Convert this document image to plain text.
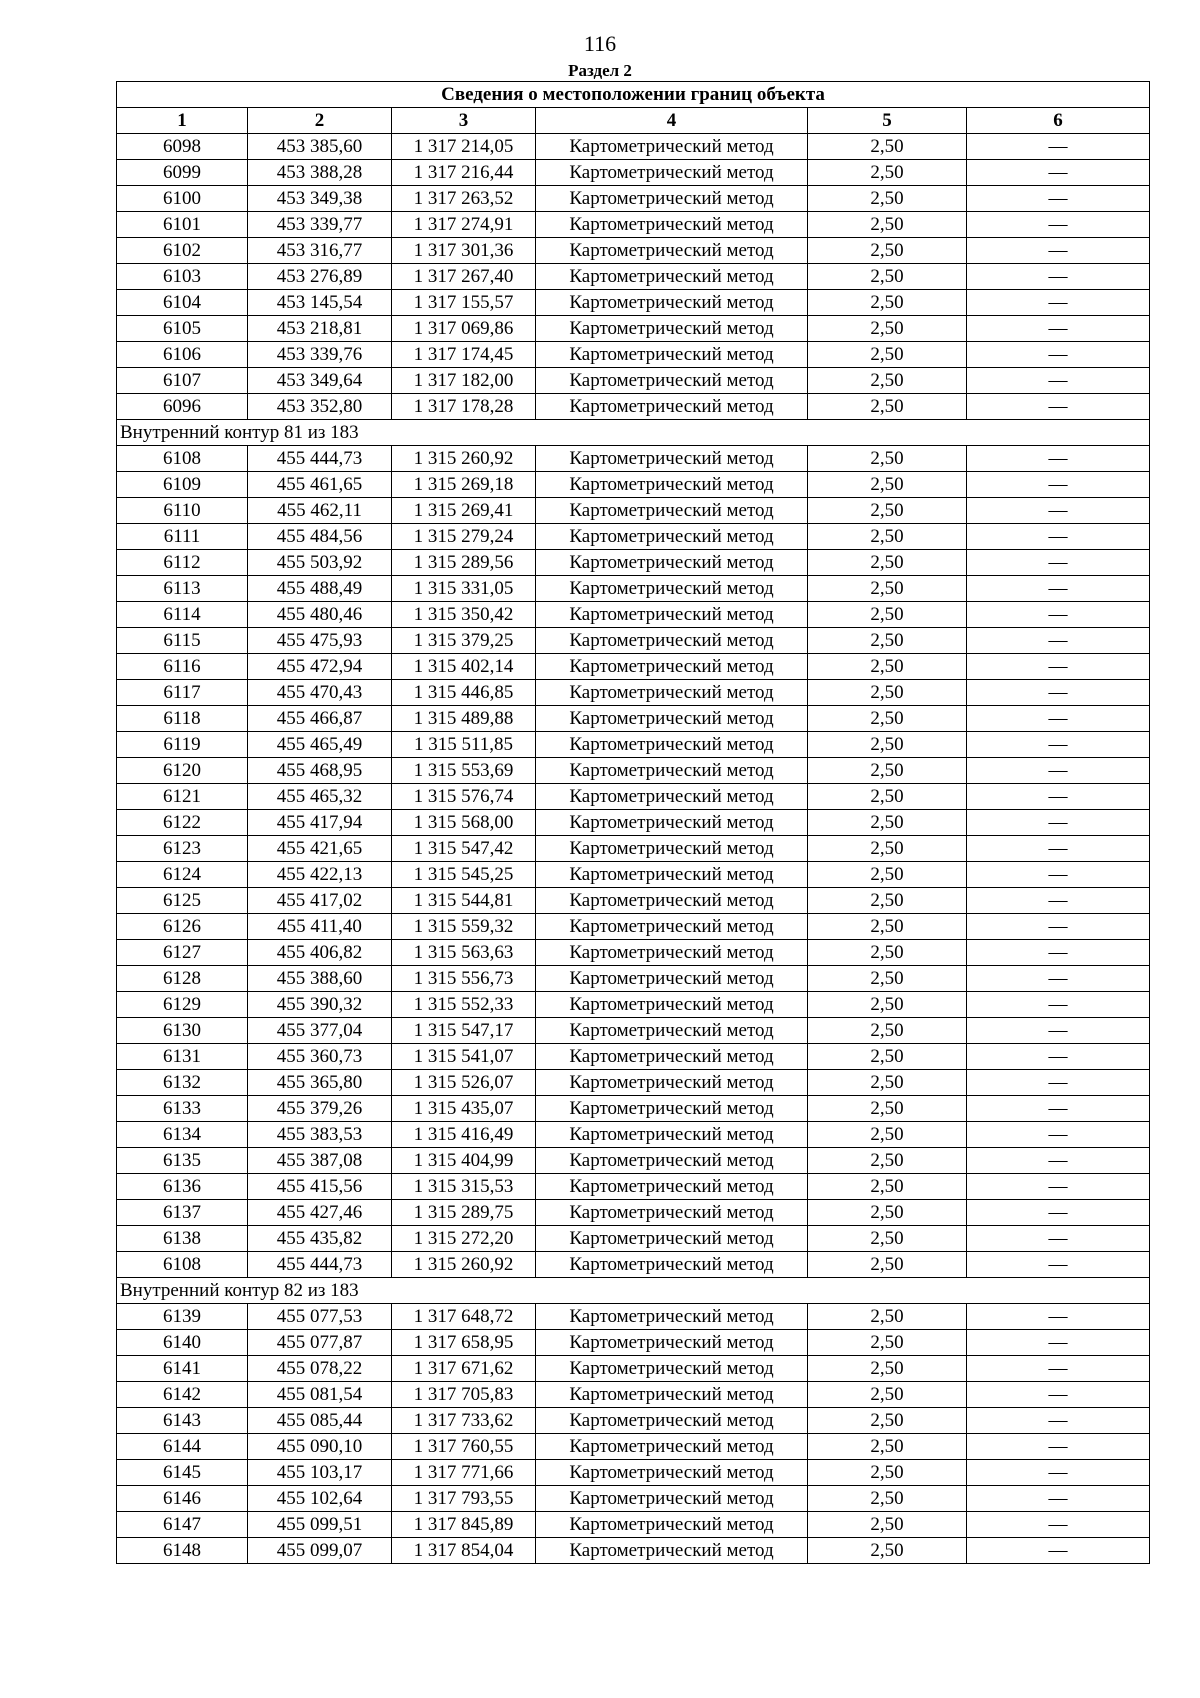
116
Раздел 2
Сведения о местоположении границ объекта					
1	2	3	4	5	6
6098	453 385,60	1 317 214,05	Картометрический метод	2,50	—
6099	453 388,28	1 317 216,44	Картометрический метод	2,50	—
6100	453 349,38	1 317 263,52	Картометрический метод	2,50	—
6101	453 339,77	1 317 274,91	Картометрический метод	2,50	—
6102	453 316,77	1 317 301,36	Картометрический метод	2,50	—
6103	453 276,89	1 317 267,40	Картометрический метод	2,50	—
6104	453 145,54	1 317 155,57	Картометрический метод	2,50	—
6105	453 218,81	1 317 069,86	Картометрический метод	2,50	—
6106	453 339,76	1 317 174,45	Картометрический метод	2,50	—
6107	453 349,64	1 317 182,00	Картометрический метод	2,50	—
6096	453 352,80	1 317 178,28	Картометрический метод	2,50	—
Внутренний контур 81 из 183					
6108	455 444,73	1 315 260,92	Картометрический метод	2,50	—
6109	455 461,65	1 315 269,18	Картометрический метод	2,50	—
6110	455 462,11	1 315 269,41	Картометрический метод	2,50	—
6111	455 484,56	1 315 279,24	Картометрический метод	2,50	—
6112	455 503,92	1 315 289,56	Картометрический метод	2,50	—
6113	455 488,49	1 315 331,05	Картометрический метод	2,50	—
6114	455 480,46	1 315 350,42	Картометрический метод	2,50	—
6115	455 475,93	1 315 379,25	Картометрический метод	2,50	—
6116	455 472,94	1 315 402,14	Картометрический метод	2,50	—
6117	455 470,43	1 315 446,85	Картометрический метод	2,50	—
6118	455 466,87	1 315 489,88	Картометрический метод	2,50	—
6119	455 465,49	1 315 511,85	Картометрический метод	2,50	—
6120	455 468,95	1 315 553,69	Картометрический метод	2,50	—
6121	455 465,32	1 315 576,74	Картометрический метод	2,50	—
6122	455 417,94	1 315 568,00	Картометрический метод	2,50	—
6123	455 421,65	1 315 547,42	Картометрический метод	2,50	—
6124	455 422,13	1 315 545,25	Картометрический метод	2,50	—
6125	455 417,02	1 315 544,81	Картометрический метод	2,50	—
6126	455 411,40	1 315 559,32	Картометрический метод	2,50	—
6127	455 406,82	1 315 563,63	Картометрический метод	2,50	—
6128	455 388,60	1 315 556,73	Картометрический метод	2,50	—
6129	455 390,32	1 315 552,33	Картометрический метод	2,50	—
6130	455 377,04	1 315 547,17	Картометрический метод	2,50	—
6131	455 360,73	1 315 541,07	Картометрический метод	2,50	—
6132	455 365,80	1 315 526,07	Картометрический метод	2,50	—
6133	455 379,26	1 315 435,07	Картометрический метод	2,50	—
6134	455 383,53	1 315 416,49	Картометрический метод	2,50	—
6135	455 387,08	1 315 404,99	Картометрический метод	2,50	—
6136	455 415,56	1 315 315,53	Картометрический метод	2,50	—
6137	455 427,46	1 315 289,75	Картометрический метод	2,50	—
6138	455 435,82	1 315 272,20	Картометрический метод	2,50	—
6108	455 444,73	1 315 260,92	Картометрический метод	2,50	—
Внутренний контур 82 из 183					
6139	455 077,53	1 317 648,72	Картометрический метод	2,50	—
6140	455 077,87	1 317 658,95	Картометрический метод	2,50	—
6141	455 078,22	1 317 671,62	Картометрический метод	2,50	—
6142	455 081,54	1 317 705,83	Картометрический метод	2,50	—
6143	455 085,44	1 317 733,62	Картометрический метод	2,50	—
6144	455 090,10	1 317 760,55	Картометрический метод	2,50	—
6145	455 103,17	1 317 771,66	Картометрический метод	2,50	—
6146	455 102,64	1 317 793,55	Картометрический метод	2,50	—
6147	455 099,51	1 317 845,89	Картометрический метод	2,50	—
6148	455 099,07	1 317 854,04	Картометрический метод	2,50	—
